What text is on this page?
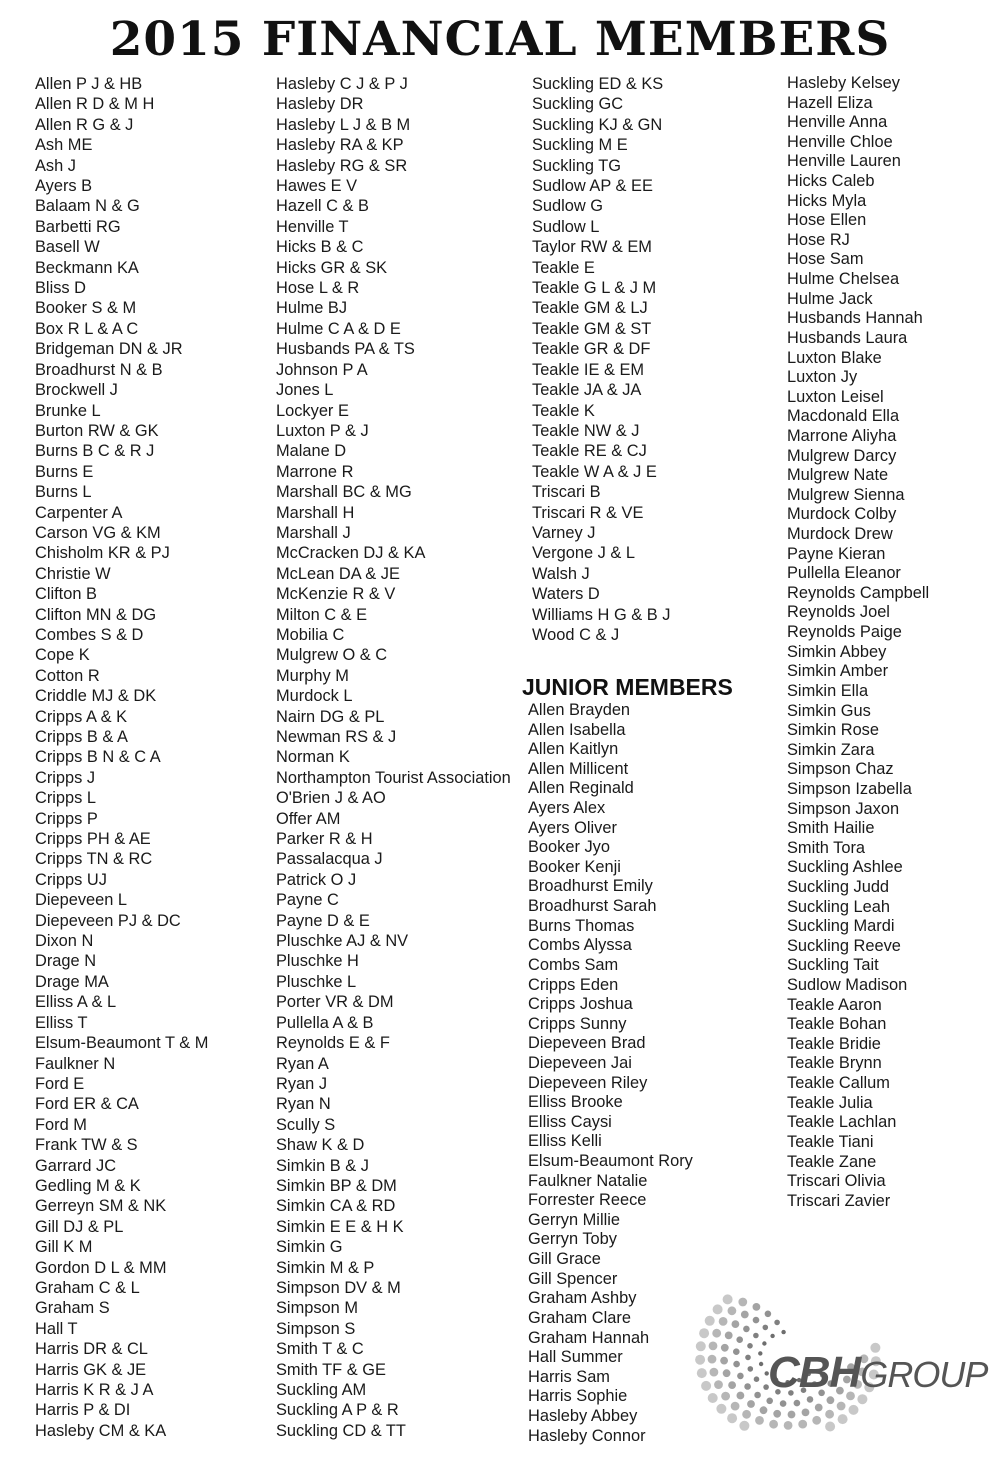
2015 FINANCIAL MEMBERS
Allen P J & HB
Allen R D & M H
Allen R G & J
Ash ME
Ash J
Ayers B
Balaam N & G
Barbetti RG
Basell W
Beckmann KA
Bliss D
Booker S & M
Box R L & A C
Bridgeman DN & JR
Broadhurst N & B
Brockwell J
Brunke L
Burton RW & GK
Burns B C & R J
Burns E
Burns L
Carpenter A
Carson VG & KM
Chisholm KR & PJ
Christie W
Clifton B
Clifton MN & DG
Combes S & D
Cope K
Cotton R
Criddle MJ & DK
Cripps A & K
Cripps B & A
Cripps B N & C A
Cripps J
Cripps L
Cripps P
Cripps PH & AE
Cripps TN & RC
Cripps UJ
Diepeveen L
Diepeveen PJ & DC
Dixon N
Drage N
Drage MA
Elliss A & L
Elliss T
Elsum-Beaumont T & M
Faulkner N
Ford E
Ford ER & CA
Ford M
Frank TW & S
Garrard JC
Gedling M & K
Gerreyn SM & NK
Gill DJ & PL
Gill K M
Gordon D L & MM
Graham C & L
Graham S
Hall T
Harris DR & CL
Harris GK & JE
Harris K R & J A
Harris P & DI
Hasleby CM & KA
Hasleby C J & P J
Hasleby DR
Hasleby L J & B M
Hasleby RA & KP
Hasleby RG & SR
Hawes E V
Hazell C & B
Henville T
Hicks B & C
Hicks GR & SK
Hose L & R
Hulme BJ
Hulme C A & D E
Husbands PA & TS
Johnson P A
Jones L
Lockyer E
Luxton P & J
Malane D
Marrone R
Marshall BC & MG
Marshall H
Marshall J
McCracken DJ & KA
McLean DA & JE
McKenzie R & V
Milton C & E
Mobilia C
Mulgrew O & C
Murphy M
Murdock L
Nairn DG & PL
Newman RS & J
Norman K
Northampton Tourist Association
O'Brien J & AO
Offer AM
Parker R & H
Passalacqua J
Patrick O J
Payne C
Payne D & E
Pluschke AJ & NV
Pluschke H
Pluschke L
Porter VR & DM
Pullella A & B
Reynolds E & F
Ryan A
Ryan J
Ryan N
Scully S
Shaw K & D
Simkin B & J
Simkin BP & DM
Simkin CA & RD
Simkin E E & H K
Simkin G
Simkin M & P
Simpson DV & M
Simpson M
Simpson S
Smith T & C
Smith TF & GE
Suckling AM
Suckling A P & R
Suckling CD & TT
Suckling ED & KS
Suckling GC
Suckling KJ & GN
Suckling M E
Suckling TG
Sudlow AP & EE
Sudlow G
Sudlow L
Taylor RW & EM
Teakle E
Teakle G L & J M
Teakle GM & LJ
Teakle GM & ST
Teakle GR & DF
Teakle IE & EM
Teakle JA & JA
Teakle K
Teakle NW & J
Teakle RE & CJ
Teakle W A & J E
Triscari B
Triscari R & VE
Varney J
Vergone J & L
Walsh J
Waters D
Williams H G & B J
Wood C & J
Hasleby Kelsey
Hazell Eliza
Henville Anna
Henville Chloe
Henville Lauren
Hicks Caleb
Hicks Myla
Hose Ellen
Hose RJ
Hose Sam
Hulme Chelsea
Hulme Jack
Husbands Hannah
Husbands Laura
Luxton Blake
Luxton Jy
Luxton Leisel
Macdonald Ella
Marrone Aliyha
Mulgrew Darcy
Mulgrew Nate
Mulgrew Sienna
Murdock Colby
Murdock Drew
Payne Kieran
Pullella Eleanor
Reynolds Campbell
Reynolds Joel
Reynolds Paige
Simkin Abbey
Simkin Amber
Simkin Ella
Simkin Gus
Simkin Rose
Simkin Zara
Simpson Chaz
Simpson Izabella
Simpson Jaxon
Smith Hailie
Smith Tora
Suckling Ashlee
Suckling Judd
Suckling Leah
Suckling Mardi
Suckling Reeve
Suckling Tait
Sudlow Madison
Teakle Aaron
Teakle Bohan
Teakle Bridie
Teakle Brynn
Teakle Callum
Teakle Julia
Teakle Lachlan
Teakle Tiani
Teakle Zane
Triscari Olivia
Triscari Zavier
JUNIOR MEMBERS
Allen Brayden
Allen Isabella
Allen Kaitlyn
Allen Millicent
Allen Reginald
Ayers Alex
Ayers Oliver
Booker Jyo
Booker Kenji
Broadhurst Emily
Broadhurst Sarah
Burns Thomas
Combs Alyssa
Combs Sam
Cripps Eden
Cripps Joshua
Cripps Sunny
Diepeveen Brad
Diepeveen Jai
Diepeveen Riley
Elliss Brooke
Elliss Caysi
Elliss Kelli
Elsum-Beaumont Rory
Faulkner Natalie
Forrester Reece
Gerryn Millie
Gerryn Toby
Gill Grace
Gill Spencer
Graham Ashby
Graham Clare
Graham Hannah
Hall Summer
Harris Sam
Harris Sophie
Hasleby Abbey
Hasleby Connor
CBHGROUP
